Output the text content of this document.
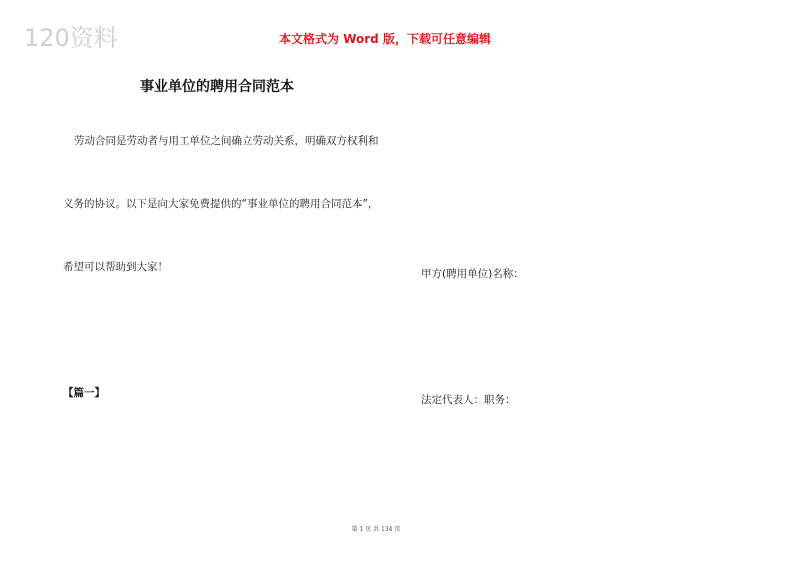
120资料	本文格式为 Word 版，下载可任意编辑
事业单位的聘用合同范本
劳动合同是劳动者与用工单位之间确立劳动关系，明确双方权利和
义务的协议。以下是向大家免费提供的“事业单位的聘用合同范本”，
希望可以帮助到大家！
【篇一】
甲方(聘用单位)名称：
法定代表人：职务：
第 1 页 共 134 页
